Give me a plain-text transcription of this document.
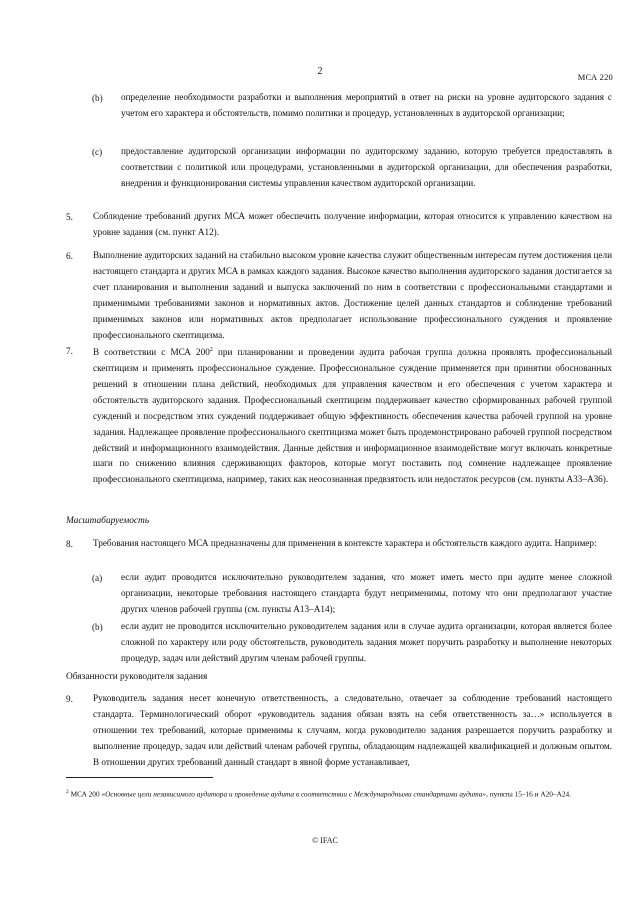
2	МСА 220
(b) определение необходимости разработки и выполнения мероприятий в ответ на риски на уровне аудиторского задания с учетом его характера и обстоятельств, помимо политики и процедур, установленных в аудиторской организации;
(c) предоставление аудиторской организации информации по аудиторскому заданию, которую требуется предоставлять в соответствии с политикой или процедурами, установленными в аудиторской организации, для обеспечения разработки, внедрения и функционирования системы управления качеством аудиторской организации.
5. Соблюдение требований других МСА может обеспечить получение информации, которая относится к управлению качеством на уровне задания (см. пункт А12).
6. Выполнение аудиторских заданий на стабильно высоком уровне качества служит общественным интересам путем достижения цели настоящего стандарта и других МСА в рамках каждого задания. Высокое качество выполнения аудиторского задания достигается за счет планирования и выполнения заданий и выпуска заключений по ним в соответствии с профессиональными стандартами и применимыми требованиями законов и нормативных актов. Достижение целей данных стандартов и соблюдение требований применимых законов или нормативных актов предполагает использование профессионального суждения и проявление профессионального скептицизма.
7. В соответствии с МСА $200^2$ при планировании и проведении аудита рабочая группа должна проявлять профессиональный скептицизм и применять профессиональное суждение. Профессиональное суждение применяется при принятии обоснованных решений в отношении плана действий, необходимых для управления качеством и его обеспечения с учетом характера и обстоятельств аудиторского задания. Профессиональный скептицизм поддерживает качество сформированных рабочей группой суждений и посредством этих суждений поддерживает общую эффективность обеспечения качества рабочей группой на уровне задания. Надлежащее проявление профессионального скептицизма может быть продемонстрировано рабочей группой посредством действий и информационного взаимодействия. Данные действия и информационное взаимодействие могут включать конкретные шаги по снижению влияния сдерживающих факторов, которые могут поставить под сомнение надлежащее проявление профессионального скептицизма, например, таких как неосознанная предвзятость или недостаток ресурсов (см. пункты А33–А36).
Масштабируемость
8. Требования настоящего МСА предназначены для применения в контексте характера и обстоятельств каждого аудита. Например:
(a) если аудит проводится исключительно руководителем задания, что может иметь место при аудите менее сложной организации, некоторые требования настоящего стандарта будут неприменимы, потому что они предполагают участие других членов рабочей группы (см. пункты А13–А14);
(b) если аудит не проводится исключительно руководителем задания или в случае аудита организации, которая является более сложной по характеру или роду обстоятельств, руководитель задания может поручить разработку и выполнение некоторых процедур, задач или действий другим членам рабочей группы.
Обязанности руководителя задания
9. Руководитель задания несет конечную ответственность, а следовательно, отвечает за соблюдение требований настоящего стандарта. Терминологический оборот «руководитель задания обязан взять на себя ответственность за…» используется в отношении тех требований, которые применимы к случаям, когда руководителю задания разрешается поручить разработку и выполнение процедур, задач или действий членам рабочей группы, обладающим надлежащей квалификацией и должным опытом. В отношении других требований данный стандарт в явной форме устанавливает,
$^2$ МСА 200 «Основные цели независимого аудитора и проведение аудита в соответствии с Международными стандартами аудита», пункты 15–16 и А20–А24.
© IFAC
